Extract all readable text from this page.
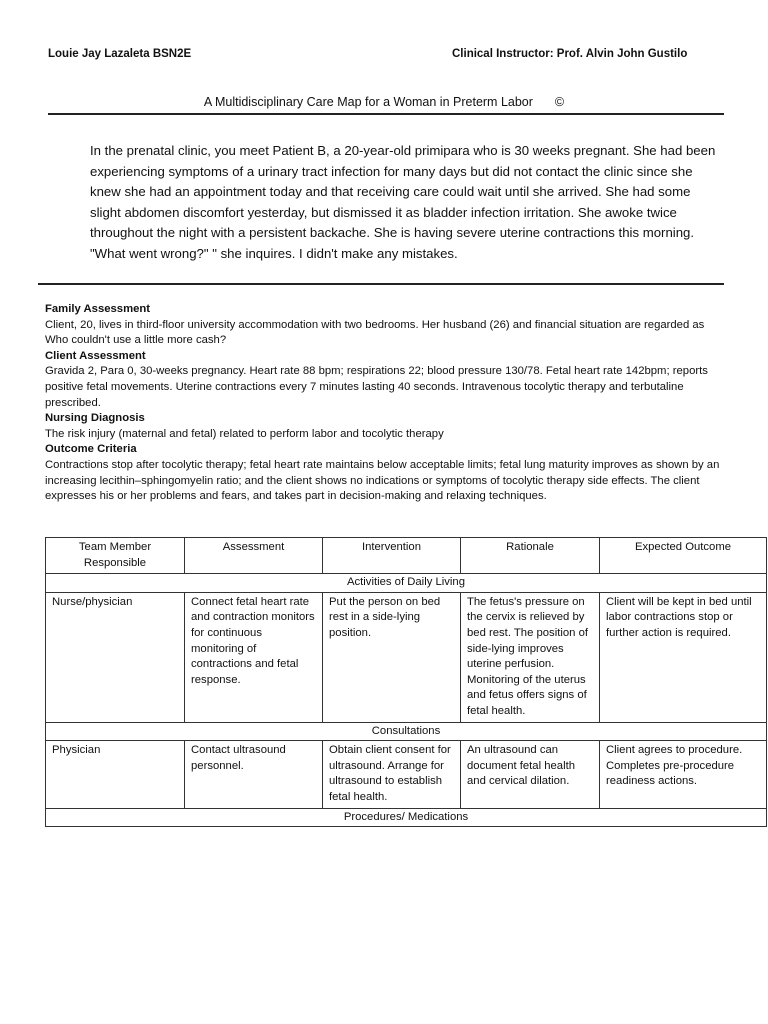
Louie Jay Lazaleta BSN2E	Clinical Instructor: Prof. Alvin John Gustilo
A Multidisciplinary Care Map for a Woman in Preterm Labor ©
In the prenatal clinic, you meet Patient B, a 20-year-old primipara who is 30 weeks pregnant. She had been experiencing symptoms of a urinary tract infection for many days but did not contact the clinic since she knew she had an appointment today and that receiving care could wait until she arrived. She had some slight abdomen discomfort yesterday, but dismissed it as bladder infection irritation. She awoke twice throughout the night with a persistent backache. She is having severe uterine contractions this morning. "What went wrong?" " she inquires. I didn't make any mistakes.

Family Assessment

Client, 20, lives in third-floor university accommodation with two bedrooms. Her husband (26) and financial situation are regarded as Who couldn't use a little more cash?

Client Assessment

Gravida 2, Para 0, 30-weeks pregnancy. Heart rate 88 bpm; respirations 22; blood pressure 130/78. Fetal heart rate 142bpm; reports positive fetal movements. Uterine contractions every 7 minutes lasting 40 seconds. Intravenous tocolytic therapy and terbutaline prescribed.

Nursing Diagnosis

The risk injury (maternal and fetal) related to perform labor and tocolytic therapy

Outcome Criteria

Contractions stop after tocolytic therapy; fetal heart rate maintains below acceptable limits; fetal lung maturity improves as shown by an increasing lecithin–sphingomyelin ratio; and the client shows no indications or symptoms of tocolytic therapy side effects. The client expresses his or her problems and fears, and takes part in decision-making and relaxing techniques.

Team Member Responsible	Assessment	Intervention	Rationale	Expected Outcome
Activities of Daily Living				
Nurse/physician	Connect fetal heart rate and contraction monitors for continuous monitoring of contractions and fetal response.	Put the person on bed rest in a side-lying position.	The fetus's pressure on the cervix is relieved by bed rest. The position of side-lying improves uterine perfusion. Monitoring of the uterus and fetus offers signs of fetal health.	Client will be kept in bed until labor contractions stop or further action is required.
Consultations				
Physician	Contact ultrasound personnel.	Obtain client consent for ultrasound. Arrange for ultrasound to establish fetal health.	An ultrasound can document fetal health and cervical dilation.	Client agrees to procedure. Completes pre-procedure readiness actions.
Procedures/ Medications				
